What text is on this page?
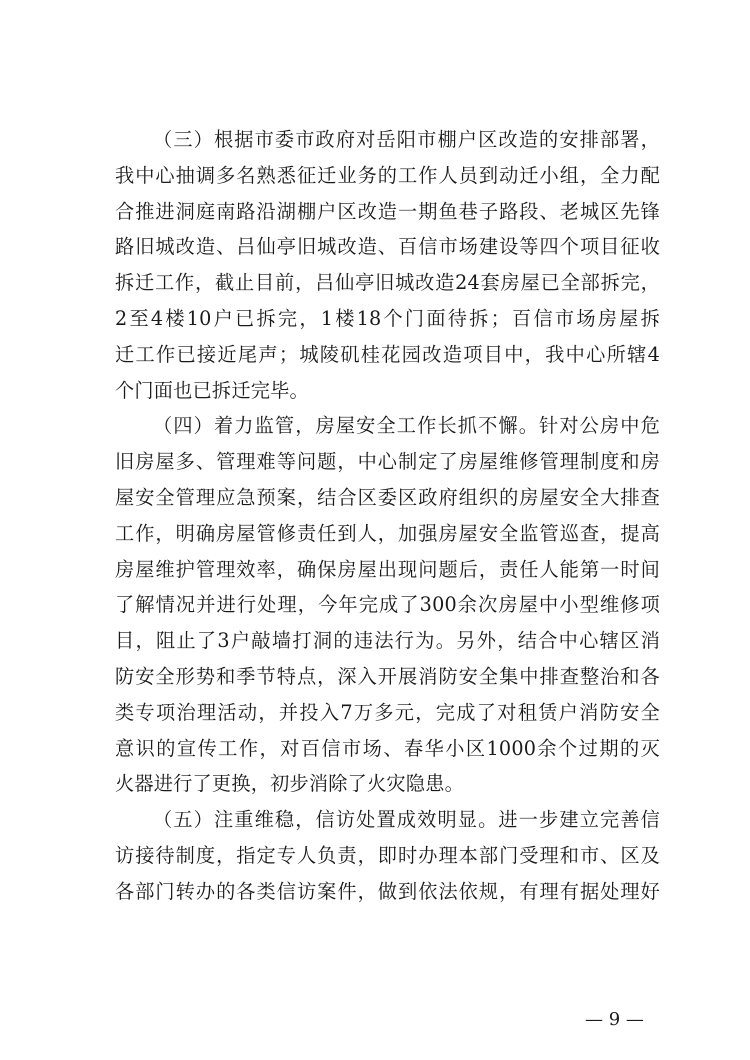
（三）根据市委市政府对岳阳市棚户区改造的安排部署，
我中心抽调多名熟悉征迁业务的工作人员到动迁小组，全力配
合推进洞庭南路沿湖棚户区改造一期鱼巷子路段、老城区先锋
路旧城改造、吕仙亭旧城改造、百信市场建设等四个项目征收
拆迁工作，截止目前，吕仙亭旧城改造24套房屋已全部拆完，
2至4楼10户已拆完，1楼18个门面待拆；百信市场房屋拆
迁工作已接近尾声；城陵矶桂花园改造项目中，我中心所辖4
个门面也已拆迁完毕。
（四）着力监管，房屋安全工作长抓不懈。针对公房中危
旧房屋多、管理难等问题，中心制定了房屋维修管理制度和房
屋安全管理应急预案，结合区委区政府组织的房屋安全大排查
工作，明确房屋管修责任到人，加强房屋安全监管巡查，提高
房屋维护管理效率，确保房屋出现问题后，责任人能第一时间
了解情况并进行处理，今年完成了300余次房屋中小型维修项
目，阻止了3户敲墙打洞的违法行为。另外，结合中心辖区消
防安全形势和季节特点，深入开展消防安全集中排查整治和各
类专项治理活动，并投入7万多元，完成了对租赁户消防安全
意识的宣传工作，对百信市场、春华小区1000余个过期的灭
火器进行了更换，初步消除了火灾隐患。
（五）注重维稳，信访处置成效明显。进一步建立完善信
访接待制度，指定专人负责，即时办理本部门受理和市、区及
各部门转办的各类信访案件，做到依法依规，有理有据处理好
— 9 —
